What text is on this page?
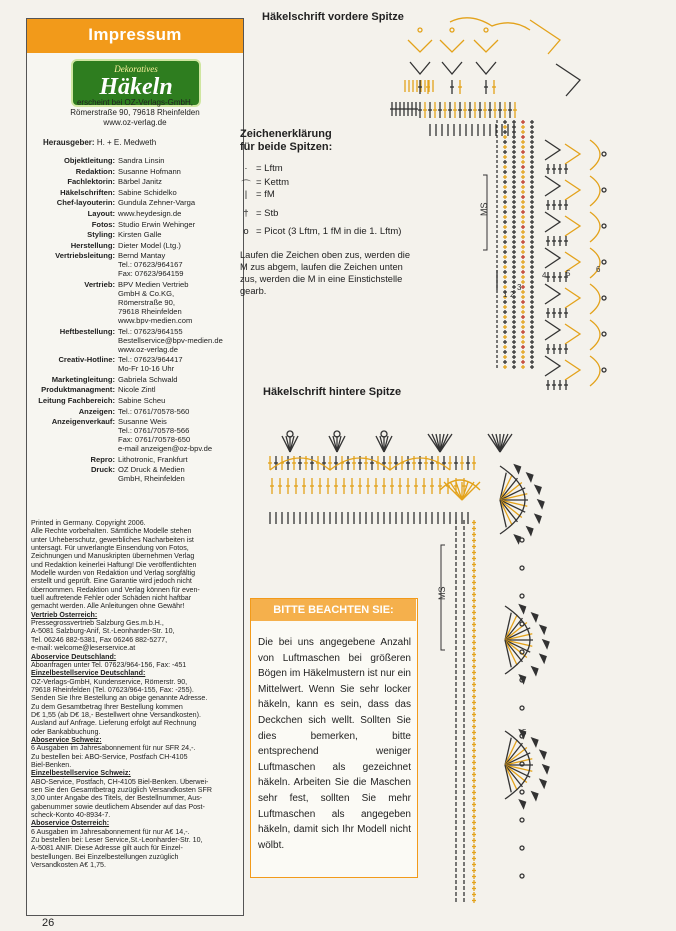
Impressum
Dekoratives
Häkeln
erscheint bei OZ-Verlags-GmbH,
Römerstraße 90, 79618 Rheinfelden
www.oz-verlag.de
Herausgeber: H. + E. Medweth
Objektleitung: Sandra Linsin
Redaktion: Susanne Hofmann
Fachlektorin: Bärbel Janitz
Häkelschriften: Sabine Schidelko
Chef-layouterin: Gundula Zehner-Varga
Layout: www.heydesign.de
Fotos: Studio Erwin Wehinger
Styling: Kirsten Galle
Herstellung: Dieter Model (Ltg.)
Vertriebsleitung: Bernd Mantay
Tel.: 07623/964167
Fax: 07623/964159
Vertrieb: BPV Medien Vertrieb
GmbH & Co.KG,
Römerstraße 90,
79618 Rheinfelden
www.bpv-medien.com
Heftbestellung: Tel.: 07623/964155
Bestellservice@bpv-medien.de
www.oz-verlag.de
Creativ-Hotline: Tel.: 07623/964417
Mo-Fr 10-16 Uhr
Marketingleitung: Gabriela Schwald
Produktmanagment: Nicole Zintl
Leitung Fachbereich: Sabine Scheu
Anzeigen: Tel.: 0761/70578-560
Anzeigenverkauf: Susanne Weis
Tel.: 0761/70578-566
Fax: 0761/70578-650
e-mail anzeigen@oz-bpv.de
Repro: Lithotronic, Frankfurt
Druck: OZ Druck & Medien
GmbH, Rheinfelden
Printed in Germany. Copyright 2006.
Alle Rechte vorbehalten. Sämtliche Modelle stehen
unter Urheberschutz, gewerbliches Nacharbeiten ist
untersagt. Für unverlangte Einsendung von Fotos,
Zeichnungen und Manuskripten übernehmen Verlag
und Redaktion keinerlei Haftung! Die veröffentlichten
Modelle wurden von Redaktion und Verlag sorgfältig
erstellt und geprüft. Eine Garantie wird jedoch nicht
übernommen. Redaktion und Verlag können für even-
tuell auftretende Fehler oder Schäden nicht haftbar
gemacht werden. Alle Anleitungen ohne Gewähr!
Vertrieb Österreich:
Pressegrossvertrieb Salzburg Ges.m.b.H.,
A-5081 Salzburg-Anif, St.-Leonharder-Str. 10,
Tel. 06246 882-5381, Fax 06246 882-5277,
e-mail: welcome@leserservice.at
Aboservice Deutschland:
Aboanfragen unter Tel. 07623/964-156, Fax: -451
Einzelbestellservice Deutschland:
OZ-Verlags-GmbH, Kundenservice, Römerstr. 90,
79618 Rheinfelden (Tel. 07623/964-155, Fax: -255).
Senden Sie Ihre Bestellung an obige genannte Adresse.
Zu dem Gesamtbetrag Ihrer Bestellung kommen
D€ 1,55 (ab D€ 18,- Bestellwert ohne Versandkosten).
Ausland auf Anfrage. Lieferung erfolgt auf Rechnung
oder Bankabbuchung.
Aboservice Schweiz:
6 Ausgaben im Jahresabonnement für nur SFR 24,-.
Zu bestellen bei: ABO-Service, Postfach CH-4105
Biel-Benken.
Einzelbestellservice Schweiz:
ABO-Service, Postfach, CH-4105 Biel-Benken. Überwei-
sen Sie den Gesamtbetrag zuzüglich Versandkosten SFR
3,00 unter Angabe des Titels, der Bestellnummer, Aus-
gabenummer sowie deutlichem Absender auf das Post-
scheck-Konto 40-8934-7.
Aboservice Österreich:
6 Ausgaben im Jahresabonnement für nur A€ 14,-.
Zu bestellen bei: Leser Service,St.-Leonharder-Str. 10,
A-5081 ANIF. Diese Adresse gilt auch für Einzel-
bestellungen. Bei Einzelbestellungen zuzüglich
Versandkosten A€ 1,75.
Häkelschrift vordere Spitze
Häkelschrift hintere Spitze
Zeichenerklärung
für beide Spitzen:
· = Lftm
⌒ = Kettm
| = fM
† = Stb
o = Picot (3 Lftm, 1 fM in die 1. Lftm)
Laufen die Zeichen oben zus, werden die M zus abgem, laufen die Zeichen unten zus, werden die M in eine Einstichstelle gearb.
BITTE BEACHTEN SIE:
Die bei uns angegebene Anzahl von Luftmaschen bei größeren Bögen im Häkelmustern ist nur ein Mittelwert. Wenn Sie sehr locker häkeln, kann es sein, dass das Deckchen sich wellt. Sollten Sie dies bemerken, bitte entsprechend weniger Luftmaschen als gezeichnet häkeln. Arbeiten Sie die Maschen sehr fest, sollten Sie mehr Luftmaschen als angegeben häkeln, damit sich Ihr Modell nicht wölbt.
26
MS
MS
1 2
3
4 5	6
5
